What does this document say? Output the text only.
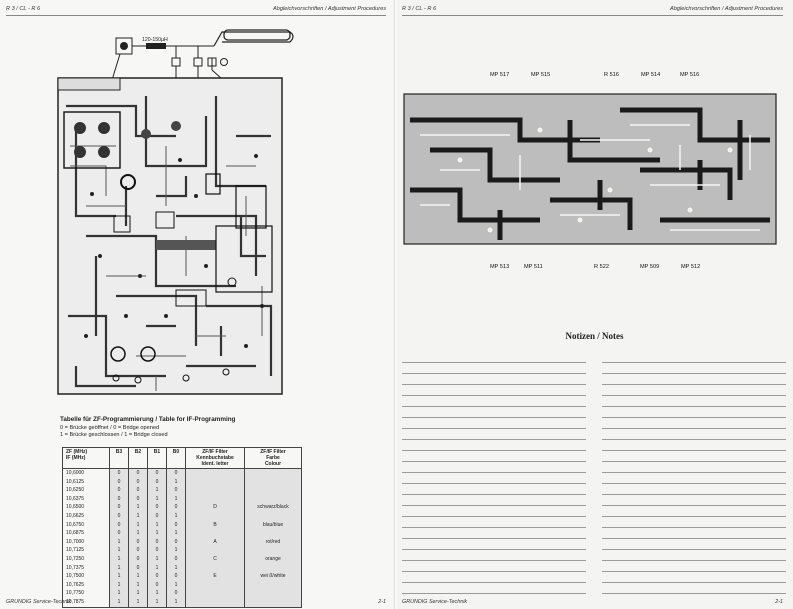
R 3 / CL - R 6	Abgleichvorschriften / Adjustment Procedures
120-150µH
Tabelle für ZF-Programmierung / Table for IF-Programming
0 = Brücke geöffnet / 0 = Bridge opened
1 = Brücke geschlossen / 1 = Bridge closed
ZF (MHz)
IF (MHz)	B3	B2	B1	B0	ZF/IF Filter
Kennbuchstabe
Ident. letter	ZF/IF Filter
Farbe
Colour
10,6000	0	0	0	0		
10,6125	0	0	0	1		
10,6250	0	0	1	0		
10,6375	0	0	1	1		
10,6500	0	1	0	0	D	schwarz/black
10,6625	0	1	0	1		
10,6750	0	1	1	0	B	blau/blue
10,6875	0	1	1	1		
10,7000	1	0	0	0	A	rot/red
10,7125	1	0	0	1		
10,7250	1	0	1	0	C	orange
10,7375	1	0	1	1		
10,7500	1	1	0	0	E	wei ß/white
10,7625	1	1	0	1		
10,7750	1	1	1	0		
10,7875	1	1	1	1		
GRUNDIG Service-Technik	2-1
R 3 / CL - R 6	Abgleichvorschriften / Adjustment Procedures
MP 517	MP 515	R 516	MP 514	MP 516
MP 513	MP 511	R 522	MP 509	MP 512
Notizen / Notes
GRUNDIG Service-Technik	2-1
